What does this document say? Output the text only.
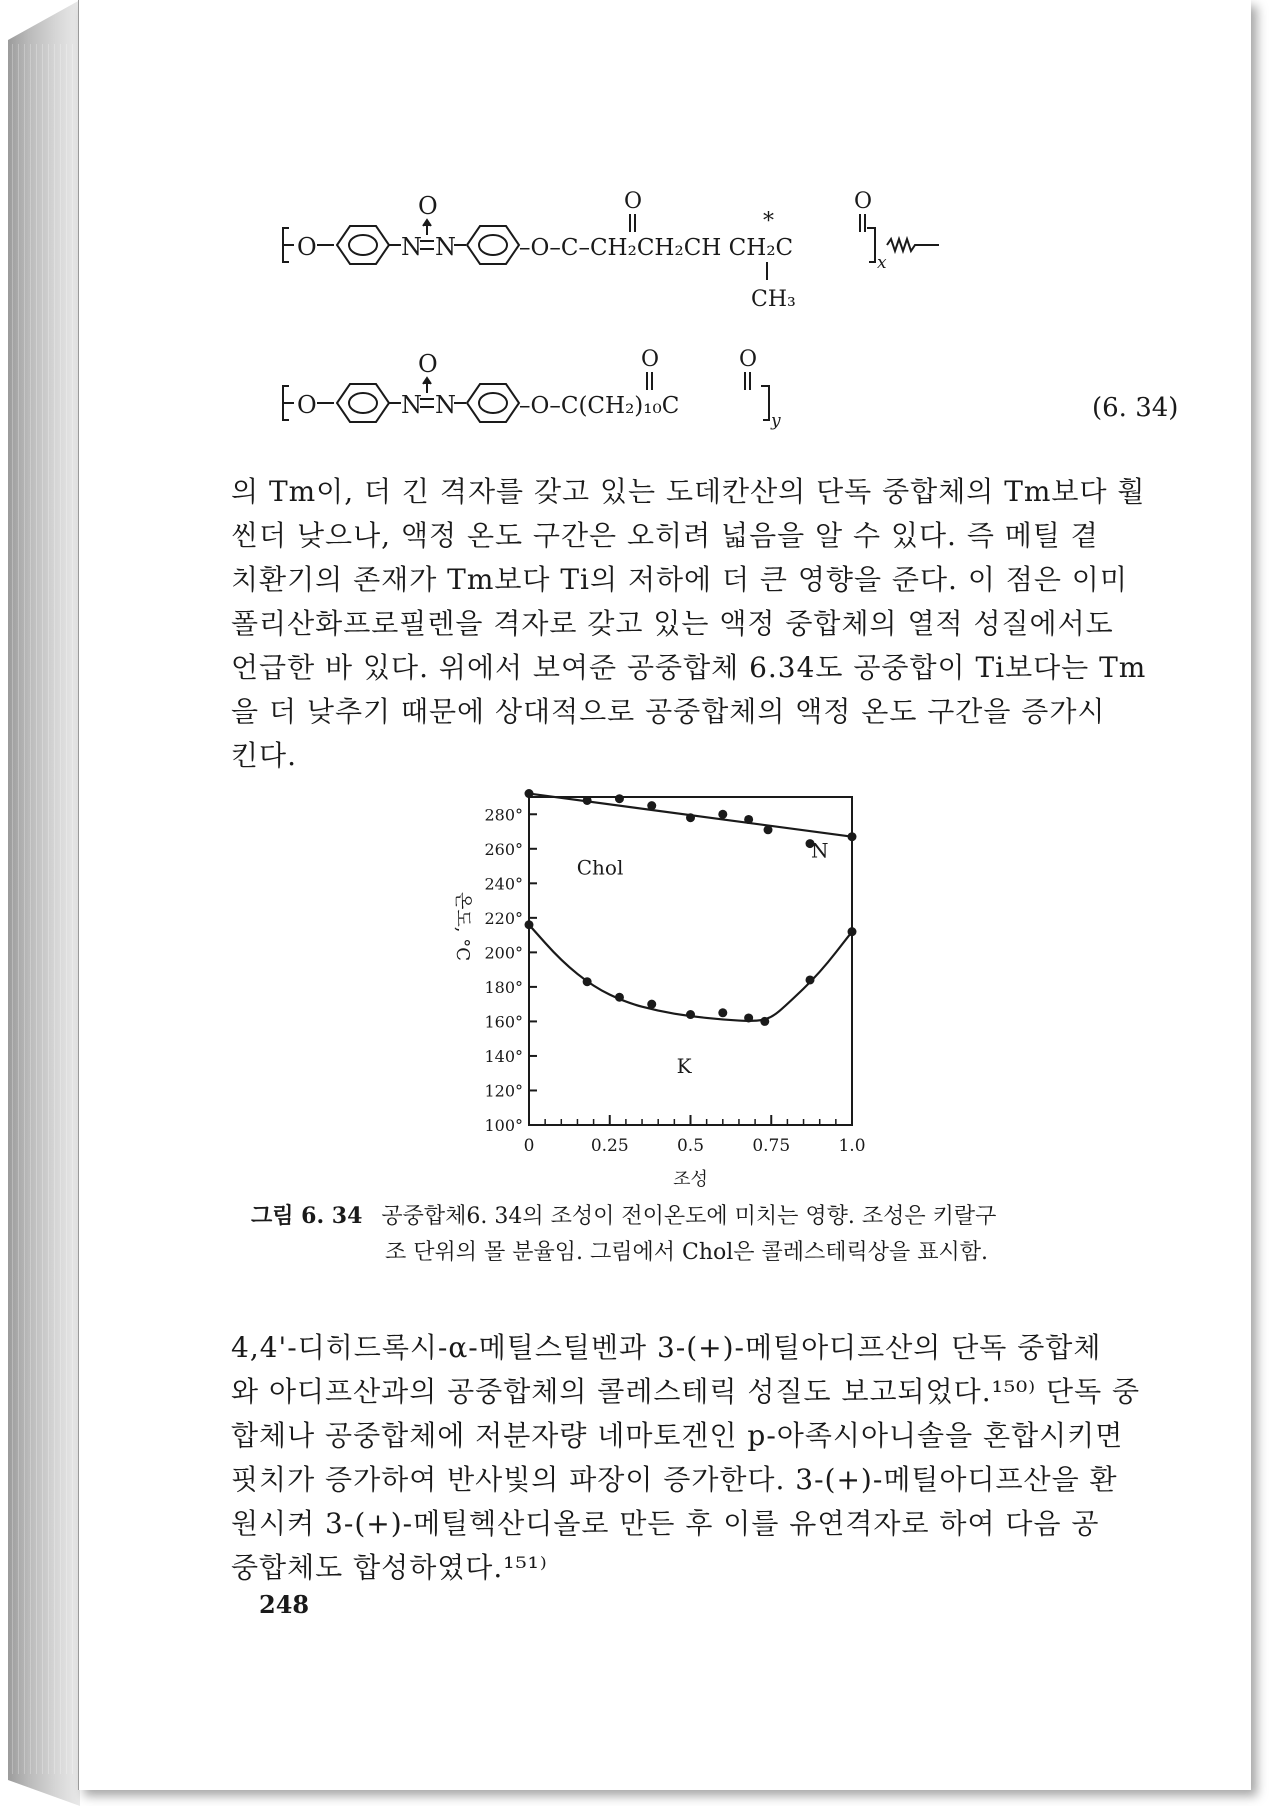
O	N
O
N	–O–C–CH₂CH₂CH CH₂C
O
*
CH₃
O
x
O	N
O
N	–O–C(CH₂)₁₀C
O	O
y	(6. 34)

의 Tm이, 더 긴 격자를 갖고 있는 도데칸산의 단독 중합체의 Tm보다 훨

씬더 낮으나, 액정 온도 구간은 오히려 넓음을 알 수 있다. 즉 메틸 곁

치환기의 존재가 Tm보다 Ti의 저하에 더 큰 영향을 준다. 이 점은 이미

폴리산화프로필렌을 격자로 갖고 있는 액정 중합체의 열적 성질에서도

언급한 바 있다. 위에서 보여준 공중합체 6.34도 공중합이 Ti보다는 Tm

을 더 낮추기 때문에 상대적으로 공중합체의 액정 온도 구간을 증가시

킨다.

0	0.25	0.5	0.75	1.0
100°
120°
140°
160°
180°
200°
220°
240°
260°
280°
조성
온도, °C
Chol
N
K
그림 6. 34 공중합체6. 34의 조성이 전이온도에 미치는 영향. 조성은 키랄구
조 단위의 몰 분율임. 그림에서 Chol은 콜레스테릭상을 표시함.

4,4'-디히드록시-α-메틸스틸벤과 3-(+)-메틸아디프산의 단독 중합체

와 아디프산과의 공중합체의 콜레스테릭 성질도 보고되었다.¹⁵⁰⁾ 단독 중

합체나 공중합체에 저분자량 네마토겐인 p-아족시아니솔을 혼합시키면

핏치가 증가하여 반사빛의 파장이 증가한다. 3-(+)-메틸아디프산을 환

원시켜 3-(+)-메틸헥산디올로 만든 후 이를 유연격자로 하여 다음 공

중합체도 합성하였다.¹⁵¹⁾

248
